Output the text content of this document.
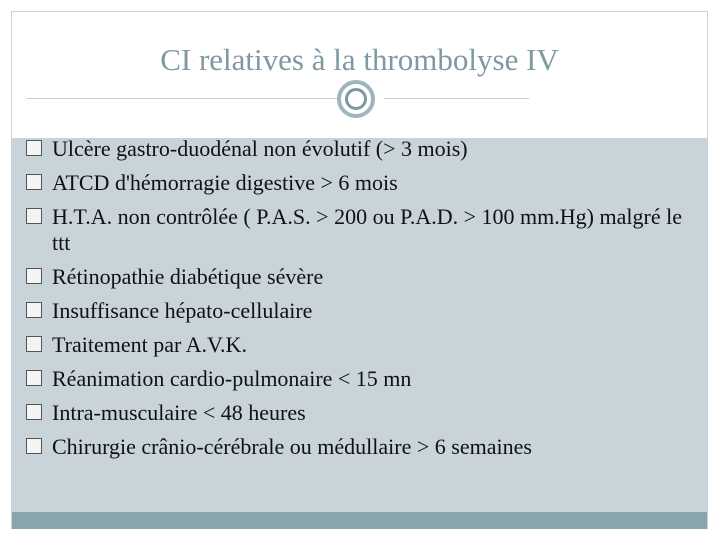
CI relatives à la thrombolyse IV
Ulcère gastro-duodénal non évolutif (> 3 mois)
ATCD d'hémorragie digestive > 6 mois
H.T.A. non contrôlée ( P.A.S. > 200 ou P.A.D. > 100 mm.Hg) malgré le ttt
Rétinopathie diabétique sévère
Insuffisance hépato-cellulaire
Traitement par A.V.K.
Réanimation cardio-pulmonaire < 15 mn
Intra-musculaire < 48 heures
Chirurgie crânio-cérébrale ou médullaire > 6 semaines
